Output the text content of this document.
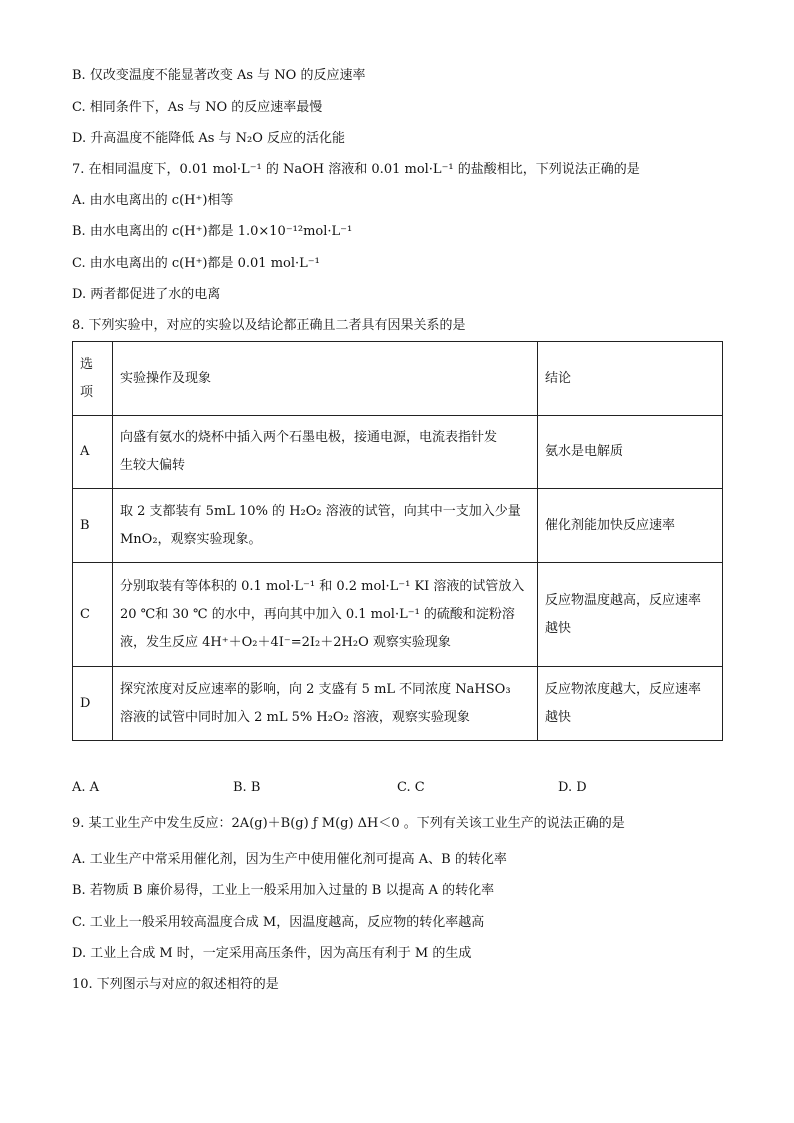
B. 仅改变温度不能显著改变 As 与 NO 的反应速率
C. 相同条件下，As 与 NO 的反应速率最慢
D. 升高温度不能降低 As 与 N₂O 反应的活化能
7. 在相同温度下，0.01 mol·L⁻¹ 的 NaOH 溶液和 0.01 mol·L⁻¹ 的盐酸相比，下列说法正确的是
A. 由水电离出的 c(H⁺)相等
B. 由水电离出的 c(H⁺)都是 1.0×10⁻¹²mol·L⁻¹
C. 由水电离出的 c(H⁺)都是 0.01 mol·L⁻¹
D. 两者都促进了水的电离
8. 下列实验中，对应的实验以及结论都正确且二者具有因果关系的是
选项	实验操作及现象	结论
A	向盛有氨水的烧杯中插入两个石墨电极，接通电源，电流表指针发
生较大偏转	氨水是电解质

B	取 2 支都装有 5mL 10% 的 H₂O₂ 溶液的试管，向其中一支加入少量
MnO₂，观察实验现象。	催化剂能加快反应速率

C	分别取装有等体积的 0.1 mol·L⁻¹ 和 0.2 mol·L⁻¹ KI 溶液的试管放入
20 ℃和 30 ℃ 的水中，再向其中加入 0.1 mol·L⁻¹ 的硫酸和淀粉溶
液，发生反应 4H⁺＋O₂＋4I⁻=2I₂＋2H₂O 观察实验现象	反应物温度越高，反应速率
越快

D	探究浓度对反应速率的影响，向 2 支盛有 5 mL 不同浓度 NaHSO₃
溶液的试管中同时加入 2 mL 5% H₂O₂ 溶液，观察实验现象	反应物浓度越大，反应速率
越快
A. A	B. B	C. C	D. D
9. 某工业生产中发生反应：2A(g)＋B(g) ƒ M(g) ΔH＜0 。下列有关该工业生产的说法正确的是
A. 工业生产中常采用催化剂，因为生产中使用催化剂可提高 A、B 的转化率
B. 若物质 B 廉价易得，工业上一般采用加入过量的 B 以提高 A 的转化率
C. 工业上一般采用较高温度合成 M，因温度越高，反应物的转化率越高
D. 工业上合成 M 时，一定采用高压条件，因为高压有利于 M 的生成
10. 下列图示与对应的叙述相符的是
